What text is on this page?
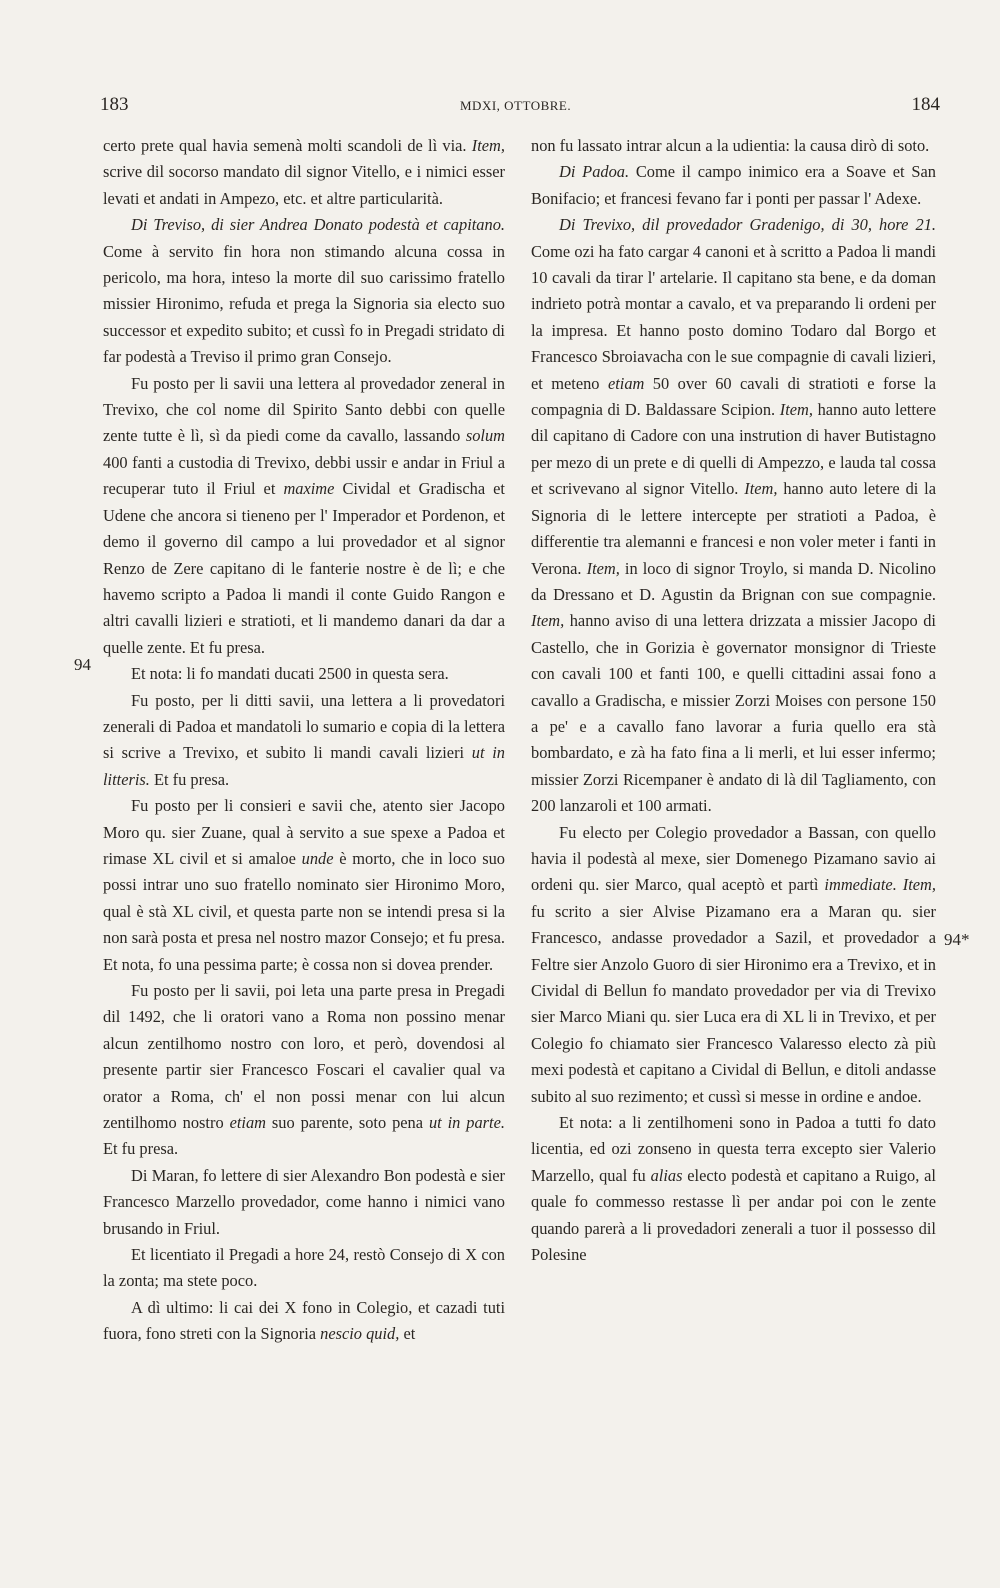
183	MDXI, OTTOBRE.	184
94
94*

certo prete qual havia semenà molti scandoli de lì via. Item, scrive dil socorso mandato dil signor Vitello, e i nimici esser levati et andati in Ampezo, etc. et altre particularità.

Di Treviso, di sier Andrea Donato podestà et capitano. Come à servito fin hora non stimando alcuna cossa in pericolo, ma hora, inteso la morte dil suo carissimo fratello missier Hironimo, refuda et prega la Signoria sia electo suo successor et expedito subito; et cussì fo in Pregadi stridato di far podestà a Treviso il primo gran Consejo.

Fu posto per li savii una lettera al provedador zeneral in Trevixo, che col nome dil Spirito Santo debbi con quelle zente tutte è lì, sì da piedi come da cavallo, lassando solum 400 fanti a custodia di Trevixo, debbi ussir e andar in Friul a recuperar tuto il Friul et maxime Cividal et Gradischa et Udene che ancora si tieneno per l' Imperador et Pordenon, et demo il governo dil campo a lui provedador et al signor Renzo de Zere capitano di le fanterie nostre è de lì; e che havemo scripto a Padoa li mandi il conte Guido Rangon e altri cavalli lizieri e stratioti, et li mandemo danari da dar a quelle zente. Et fu presa.

Et nota: li fo mandati ducati 2500 in questa sera.

Fu posto, per li ditti savii, una lettera a li provedatori zenerali di Padoa et mandatoli lo sumario e copia di la lettera si scrive a Trevixo, et subito li mandi cavali lizieri ut in litteris. Et fu presa.

Fu posto per li consieri e savii che, atento sier Jacopo Moro qu. sier Zuane, qual à servito a sue spexe a Padoa et rimase XL civil et si amaloe unde è morto, che in loco suo possi intrar uno suo fratello nominato sier Hironimo Moro, qual è stà XL civil, et questa parte non se intendi presa si la non sarà posta et presa nel nostro mazor Consejo; et fu presa. Et nota, fo una pessima parte; è cossa non si dovea prender.

Fu posto per li savii, poi leta una parte presa in Pregadi dil 1492, che li oratori vano a Roma non possino menar alcun zentilhomo nostro con loro, et però, dovendosi al presente partir sier Francesco Foscari el cavalier qual va orator a Roma, ch' el non possi menar con lui alcun zentilhomo nostro etiam suo parente, soto pena ut in parte. Et fu presa.

Di Maran, fo lettere di sier Alexandro Bon podestà e sier Francesco Marzello provedador, come hanno i nimici vano brusando in Friul.

Et licentiato il Pregadi a hore 24, restò Consejo di X con la zonta; ma stete poco.

A dì ultimo: li cai dei X fono in Colegio, et cazadi tuti fuora, fono streti con la Signoria nescio quid, et

non fu lassato intrar alcun a la udientia: la causa dirò di soto.

Di Padoa. Come il campo inimico era a Soave et San Bonifacio; et francesi fevano far i ponti per passar l' Adexe.

Di Trevixo, dil provedador Gradenigo, di 30, hore 21. Come ozi ha fato cargar 4 canoni et à scritto a Padoa li mandi 10 cavali da tirar l' artelarie. Il capitano sta bene, e da doman indrieto potrà montar a cavalo, et va preparando li ordeni per la impresa. Et hanno posto domino Todaro dal Borgo et Francesco Sbroiavacha con le sue compagnie di cavali lizieri, et meteno etiam 50 over 60 cavali di stratioti e forse la compagnia di D. Baldassare Scipion. Item, hanno auto lettere dil capitano di Cadore con una instrution di haver Butistagno per mezo di un prete e di quelli di Ampezzo, e lauda tal cossa et scrivevano al signor Vitello. Item, hanno auto letere di la Signoria di le lettere intercepte per stratioti a Padoa, è differentie tra alemanni e francesi e non voler meter i fanti in Verona. Item, in loco di signor Troylo, si manda D. Nicolino da Dressano et D. Agustin da Brignan con sue compagnie. Item, hanno aviso di una lettera drizzata a missier Jacopo di Castello, che in Gorizia è governator monsignor di Trieste con cavali 100 et fanti 100, e quelli cittadini assai fono a cavallo a Gradischa, e missier Zorzi Moises con persone 150 a pe' e a cavallo fano lavorar a furia quello era stà bombardato, e zà ha fato fina a li merli, et lui esser infermo; missier Zorzi Ricempaner è andato di là dil Tagliamento, con 200 lanzaroli et 100 armati.

Fu electo per Colegio provedador a Bassan, con quello havia il podestà al mexe, sier Domenego Pizamano savio ai ordeni qu. sier Marco, qual aceptò et partì immediate. Item, fu scrito a sier Alvise Pizamano era a Maran qu. sier Francesco, andasse provedador a Sazil, et provedador a Feltre sier Anzolo Guoro di sier Hironimo era a Trevixo, et in Cividal di Bellun fo mandato provedador per via di Trevixo sier Marco Miani qu. sier Luca era di XL li in Trevixo, et per Colegio fo chiamato sier Francesco Valaresso electo zà più mexi podestà et capitano a Cividal di Bellun, e ditoli andasse subito al suo rezimento; et cussì si messe in ordine e andoe.

Et nota: a li zentilhomeni sono in Padoa a tutti fo dato licentia, ed ozi zonseno in questa terra excepto sier Valerio Marzello, qual fu alias electo podestà et capitano a Ruigo, al quale fo commesso restasse lì per andar poi con le zente quando parerà a li provedadori zenerali a tuor il possesso dil Polesine
